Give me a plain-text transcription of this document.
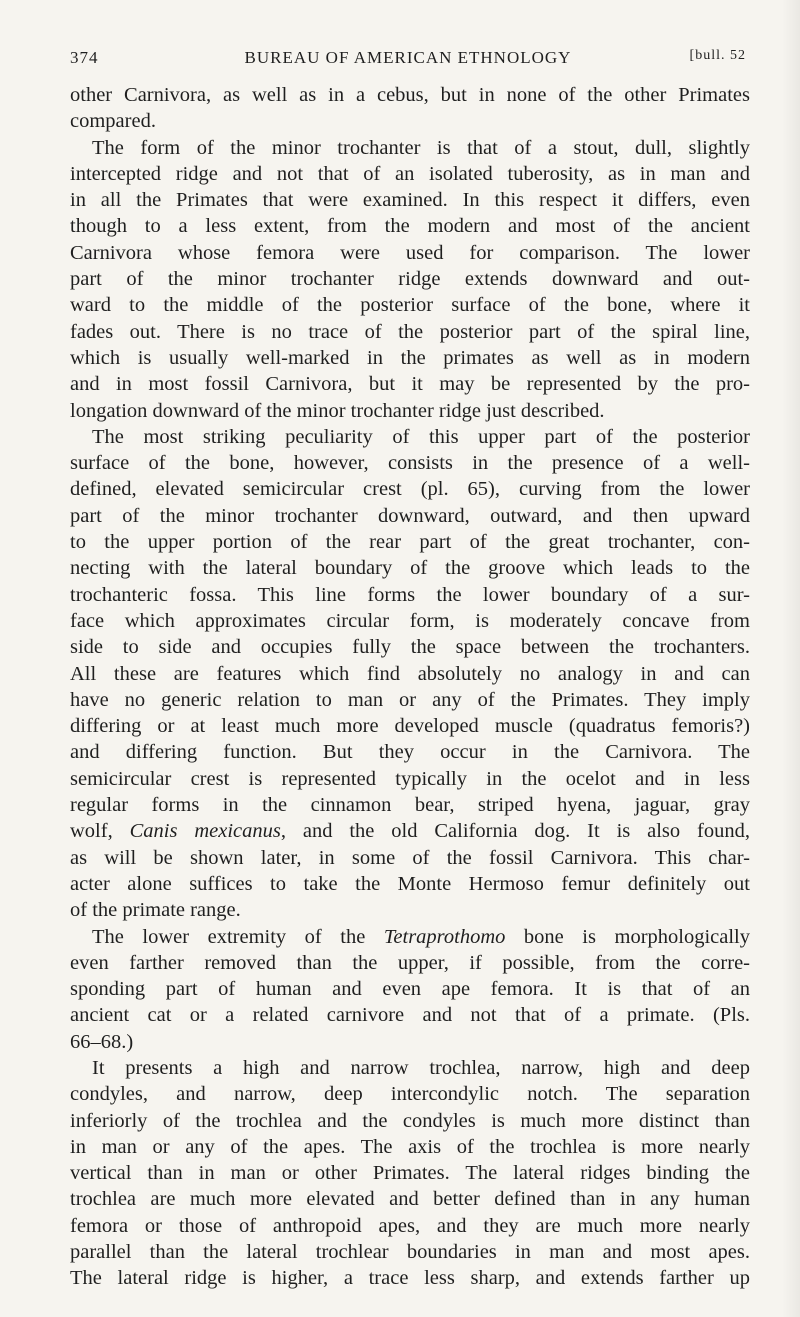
374	BUREAU OF AMERICAN ETHNOLOGY	[bull. 52
other Carnivora, as well as in a cebus, but in none of the other Primates
compared.
The form of the minor trochanter is that of a stout, dull, slightly
intercepted ridge and not that of an isolated tuberosity, as in man and
in all the Primates that were examined. In this respect it differs, even
though to a less extent, from the modern and most of the ancient
Carnivora whose femora were used for comparison. The lower
part of the minor trochanter ridge extends downward and out-
ward to the middle of the posterior surface of the bone, where it
fades out. There is no trace of the posterior part of the spiral line,
which is usually well-marked in the primates as well as in modern
and in most fossil Carnivora, but it may be represented by the pro-
longation downward of the minor trochanter ridge just described.
The most striking peculiarity of this upper part of the posterior
surface of the bone, however, consists in the presence of a well-
defined, elevated semicircular crest (pl. 65), curving from the lower
part of the minor trochanter downward, outward, and then upward
to the upper portion of the rear part of the great trochanter, con-
necting with the lateral boundary of the groove which leads to the
trochanteric fossa. This line forms the lower boundary of a sur-
face which approximates circular form, is moderately concave from
side to side and occupies fully the space between the trochanters.
All these are features which find absolutely no analogy in and can
have no generic relation to man or any of the Primates. They imply
differing or at least much more developed muscle (quadratus femoris?)
and differing function. But they occur in the Carnivora. The
semicircular crest is represented typically in the ocelot and in less
regular forms in the cinnamon bear, striped hyena, jaguar, gray
wolf, Canis mexicanus, and the old California dog. It is also found,
as will be shown later, in some of the fossil Carnivora. This char-
acter alone suffices to take the Monte Hermoso femur definitely out
of the primate range.
The lower extremity of the Tetraprothomo bone is morphologically
even farther removed than the upper, if possible, from the corre-
sponding part of human and even ape femora. It is that of an
ancient cat or a related carnivore and not that of a primate. (Pls.
66–68.)
It presents a high and narrow trochlea, narrow, high and deep
condyles, and narrow, deep intercondylic notch. The separation
inferiorly of the trochlea and the condyles is much more distinct than
in man or any of the apes. The axis of the trochlea is more nearly
vertical than in man or other Primates. The lateral ridges binding the
trochlea are much more elevated and better defined than in any human
femora or those of anthropoid apes, and they are much more nearly
parallel than the lateral trochlear boundaries in man and most apes.
The lateral ridge is higher, a trace less sharp, and extends farther up
